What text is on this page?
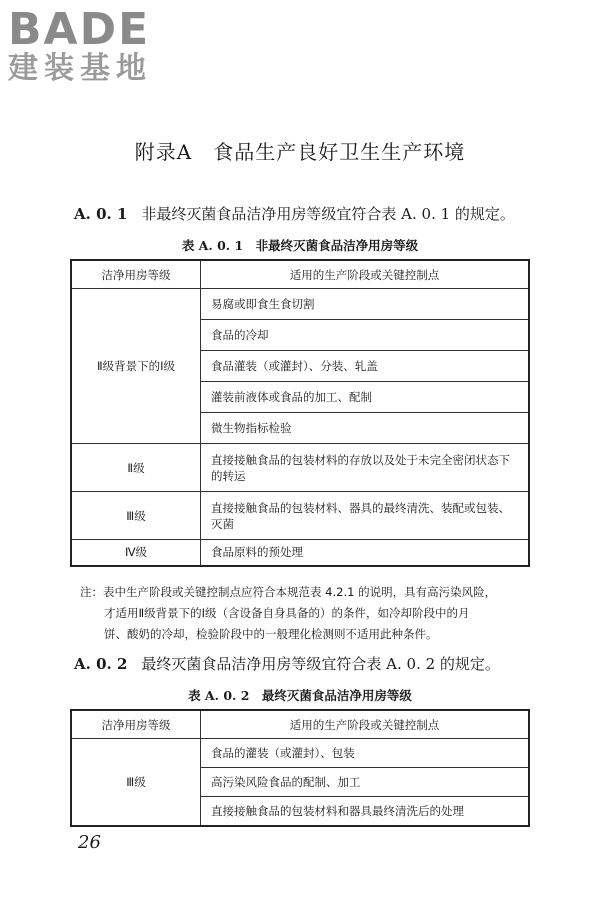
BADE
建装基地
附录A　食品生产良好卫生生产环境
A. 0. 1 非最终灭菌食品洁净用房等级宜符合表 A. 0. 1 的规定。
表 A. 0. 1　非最终灭菌食品洁净用房等级
洁净用房等级	适用的生产阶段或关键控制点
Ⅱ级背景下的Ⅰ级	易腐或即食生食切割
	食品的冷却
	食品灌装（或灌封）、分装、轧盖
	灌装前液体或食品的加工、配制
	微生物指标检验
Ⅱ级	直接接触食品的包装材料的存放以及处于未完全密闭状态下的转运
Ⅲ级	直接接触食品的包装材料、器具的最终清洗、装配或包装、灭菌
Ⅳ级	食品原料的预处理
注：表中生产阶段或关键控制点应符合本规范表 4.2.1 的说明，具有高污染风险，
才适用Ⅱ级背景下的Ⅰ级（含设备自身具备的）的条件，如冷却阶段中的月
饼、酸奶的冷却，检验阶段中的一般理化检测则不适用此种条件。
A. 0. 2 最终灭菌食品洁净用房等级宜符合表 A. 0. 2 的规定。
表 A. 0. 2　最终灭菌食品洁净用房等级
洁净用房等级	适用的生产阶段或关键控制点
Ⅲ级	食品的灌装（或灌封）、包装
	高污染风险食品的配制、加工
	直接接触食品的包装材料和器具最终清洗后的处理
26
